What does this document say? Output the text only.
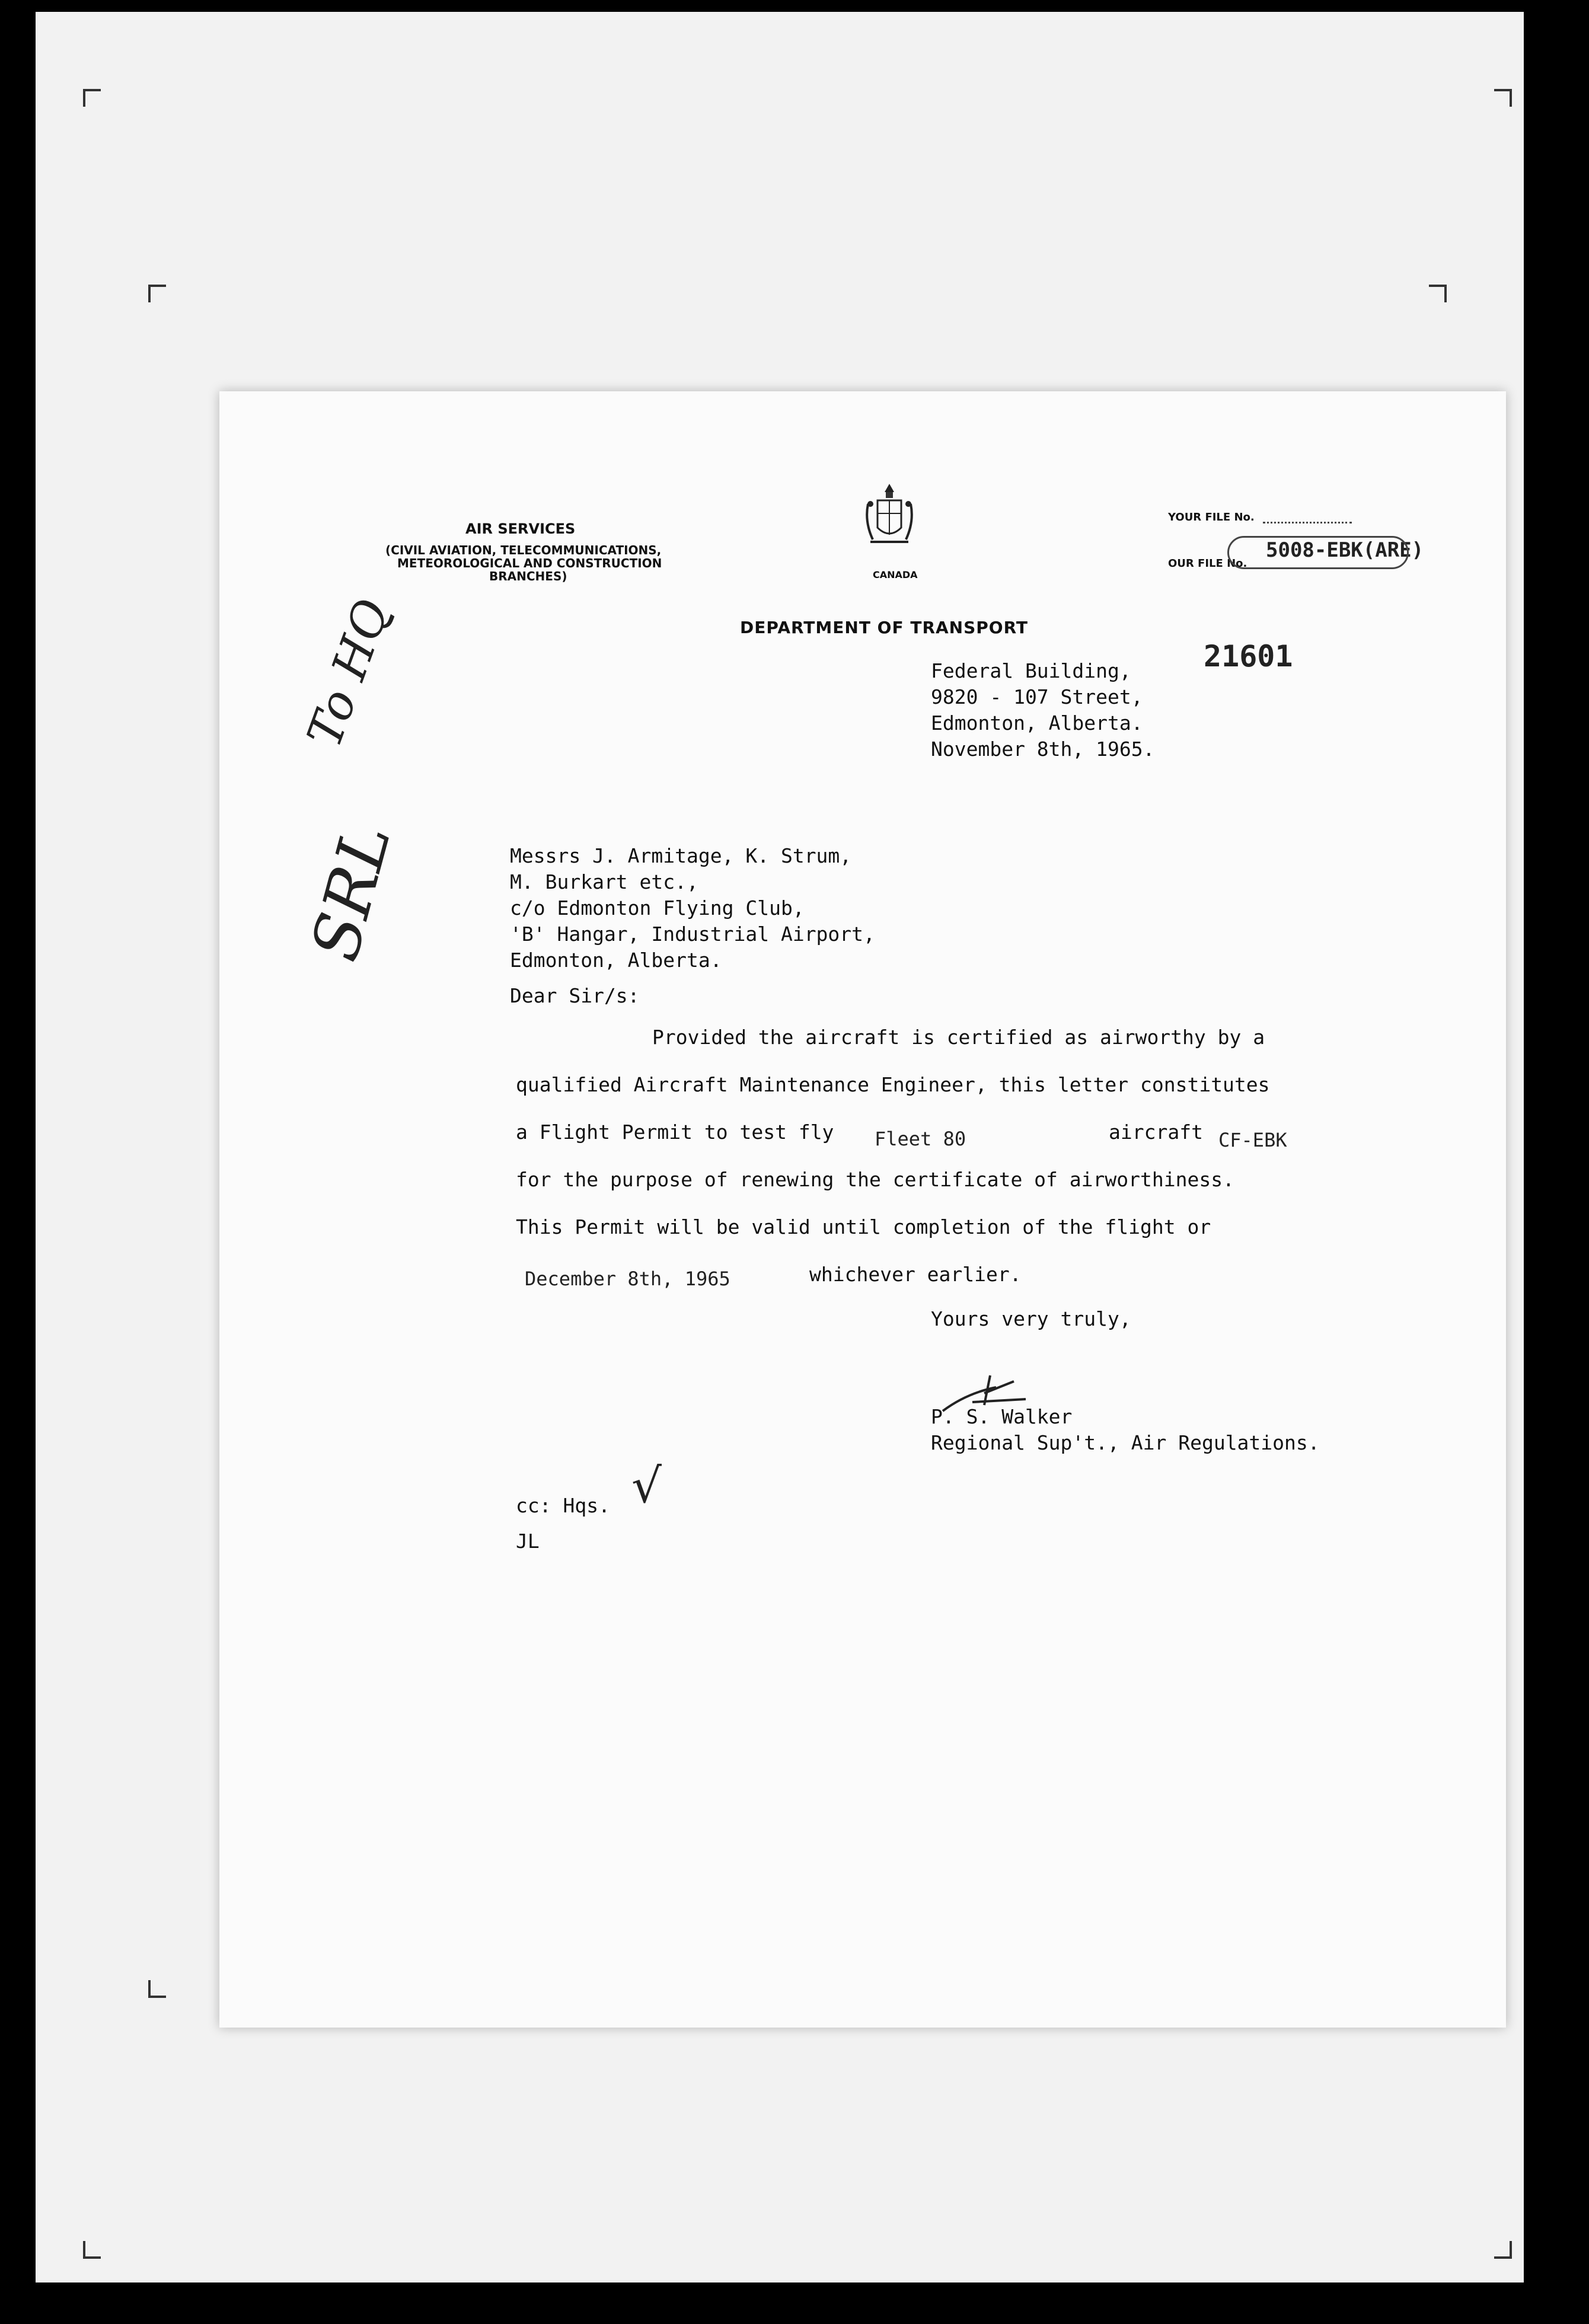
AIR SERVICES
(CIVIL AVIATION, TELECOMMUNICATIONS,
METEOROLOGICAL AND CONSTRUCTION
BRANCHES)	CANADA
DEPARTMENT OF TRANSPORT
YOUR FILE No.
OUR FILE No.
5008-EBK(ARE)
21601
Federal Building,
9820 - 107 Street,
Edmonton, Alberta.
November 8th, 1965.
Messrs J. Armitage, K. Strum,
M. Burkart etc.,
c/o Edmonton Flying Club,
'B' Hangar, Industrial Airport,
Edmonton, Alberta.
Dear Sir/s:
Provided the aircraft is certified as airworthy by a
qualified Aircraft Maintenance Engineer, this letter constitutes
a Flight Permit to test fly Fleet 80	aircraft CF-EBK
for the purpose of renewing the certificate of airworthiness.
This Permit will be valid until completion of the flight or
December 8th, 1965	whichever earlier.
Yours very truly,
P. S. Walker
Regional Sup't., Air Regulations.
cc: Hqs. √
JL
To HQ
SRL
